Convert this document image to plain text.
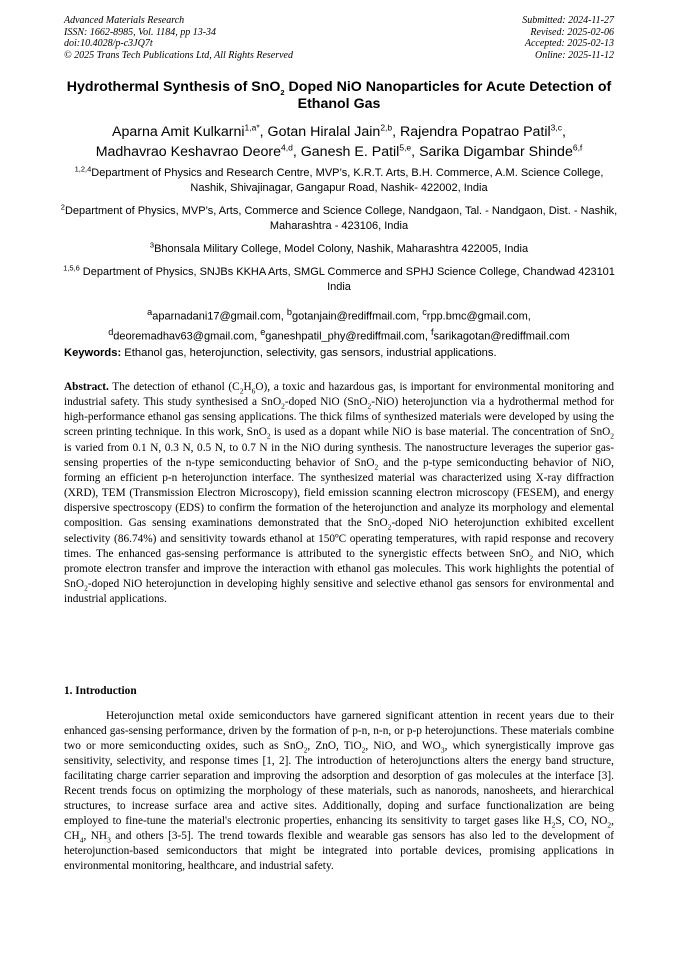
Advanced Materials Research
ISSN: 1662-8985, Vol. 1184, pp 13-34
doi:10.4028/p-c3JQ7t
© 2025 Trans Tech Publications Ltd, All Rights Reserved
Submitted: 2024-11-27
Revised: 2025-02-06
Accepted: 2025-02-13
Online: 2025-11-12
Hydrothermal Synthesis of SnO$_2$ Doped NiO Nanoparticles for Acute Detection of Ethanol Gas
Aparna Amit Kulkarni$^{1,a*}$, Gotan Hiralal Jain$^{2,b}$, Rajendra Popatrao Patil$^{3,c}$,
Madhavrao Keshavrao Deore$^{4,d}$, Ganesh E. Patil$^{5,e}$, Sarika Digambar Shinde$^{6,f}$
$^{1,2,4}$Department of Physics and Research Centre, MVP’s, K.R.T. Arts, B.H. Commerce, A.M. Science College, Nashik, Shivajinagar, Gangapur Road, Nashik- 422002, India
$^2$Department of Physics, MVP’s, Arts, Commerce and Science College, Nandgaon, Tal. - Nandgaon, Dist. - Nashik, Maharashtra - 423106, India
$^3$Bhonsala Military College, Model Colony, Nashik, Maharashtra 422005, India
$^{1,5,6}$ Department of Physics, SNJBs KKHA Arts, SMGL Commerce and SPHJ Science College, Chandwad 423101 India
$^a$aparnadani17@gmail.com, $^b$gotanjain@rediffmail.com, $^c$rpp.bmc@gmail.com,
$^d$deoremadhav63@gmail.com, $^e$ganeshpatil_phy@rediffmail.com, $^f$sarikagotan@rediffmail.com
Keywords: Ethanol gas, heterojunction, selectivity, gas sensors, industrial applications.

Abstract. The detection of ethanol $(C_2H_6O)$, a toxic and hazardous gas, is important for environmental monitoring and industrial safety. This study synthesised a SnO$_2$-doped NiO (SnO$_2$-NiO) heterojunction via a hydrothermal method for high-performance ethanol gas sensing applications. The thick films of synthesized materials were developed by using the screen printing technique. In this work, SnO$_2$ is used as a dopant while NiO is base material. The concentration of SnO$_2$ is varied from 0.1 N, 0.3 N, 0.5 N, to 0.7 N in the NiO during synthesis. The nanostructure leverages the superior gas-sensing properties of the n-type semiconducting behavior of SnO$_2$ and the p-type semiconducting behavior of NiO, forming an efficient p-n heterojunction interface. The synthesized material was characterized using X-ray diffraction (XRD), TEM (Transmission Electron Microscopy), field emission scanning electron microscopy (FESEM), and energy dispersive spectroscopy (EDS) to confirm the formation of the heterojunction and analyze its morphology and elemental composition. Gas sensing examinations demonstrated that the SnO$_2$-doped NiO heterojunction exhibited excellent selectivity (86.74%) and sensitivity towards ethanol at 150ºC operating temperatures, with rapid response and recovery times. The enhanced gas-sensing performance is attributed to the synergistic effects between SnO$_2$ and NiO, which promote electron transfer and improve the interaction with ethanol gas molecules. This work highlights the potential of SnO$_2$-doped NiO heterojunction in developing highly sensitive and selective ethanol gas sensors for environmental and industrial applications.

1. Introduction

Heterojunction metal oxide semiconductors have garnered significant attention in recent years due to their enhanced gas-sensing performance, driven by the formation of p-n, n-n, or p-p heterojunctions. These materials combine two or more semiconducting oxides, such as SnO$_2$, ZnO, TiO$_2$, NiO, and $WO_3$, which synergistically improve gas sensitivity, selectivity, and response times [1, 2]. The introduction of heterojunctions alters the energy band structure, facilitating charge carrier separation and improving the adsorption and desorption of gas molecules at the interface [3]. Recent trends focus on optimizing the morphology of these materials, such as nanorods, nanosheets, and hierarchical structures, to increase surface area and active sites. Additionally, doping and surface functionalization are being employed to fine-tune the material's electronic properties, enhancing its sensitivity to target gases like $H_2S$, CO, $NO_2$, $CH_4$, $NH_3$ and others [3-5]. The trend towards flexible and wearable gas sensors has also led to the development of heterojunction-based semiconductors that might be integrated into portable devices, promising applications in environmental monitoring, healthcare, and industrial safety.
